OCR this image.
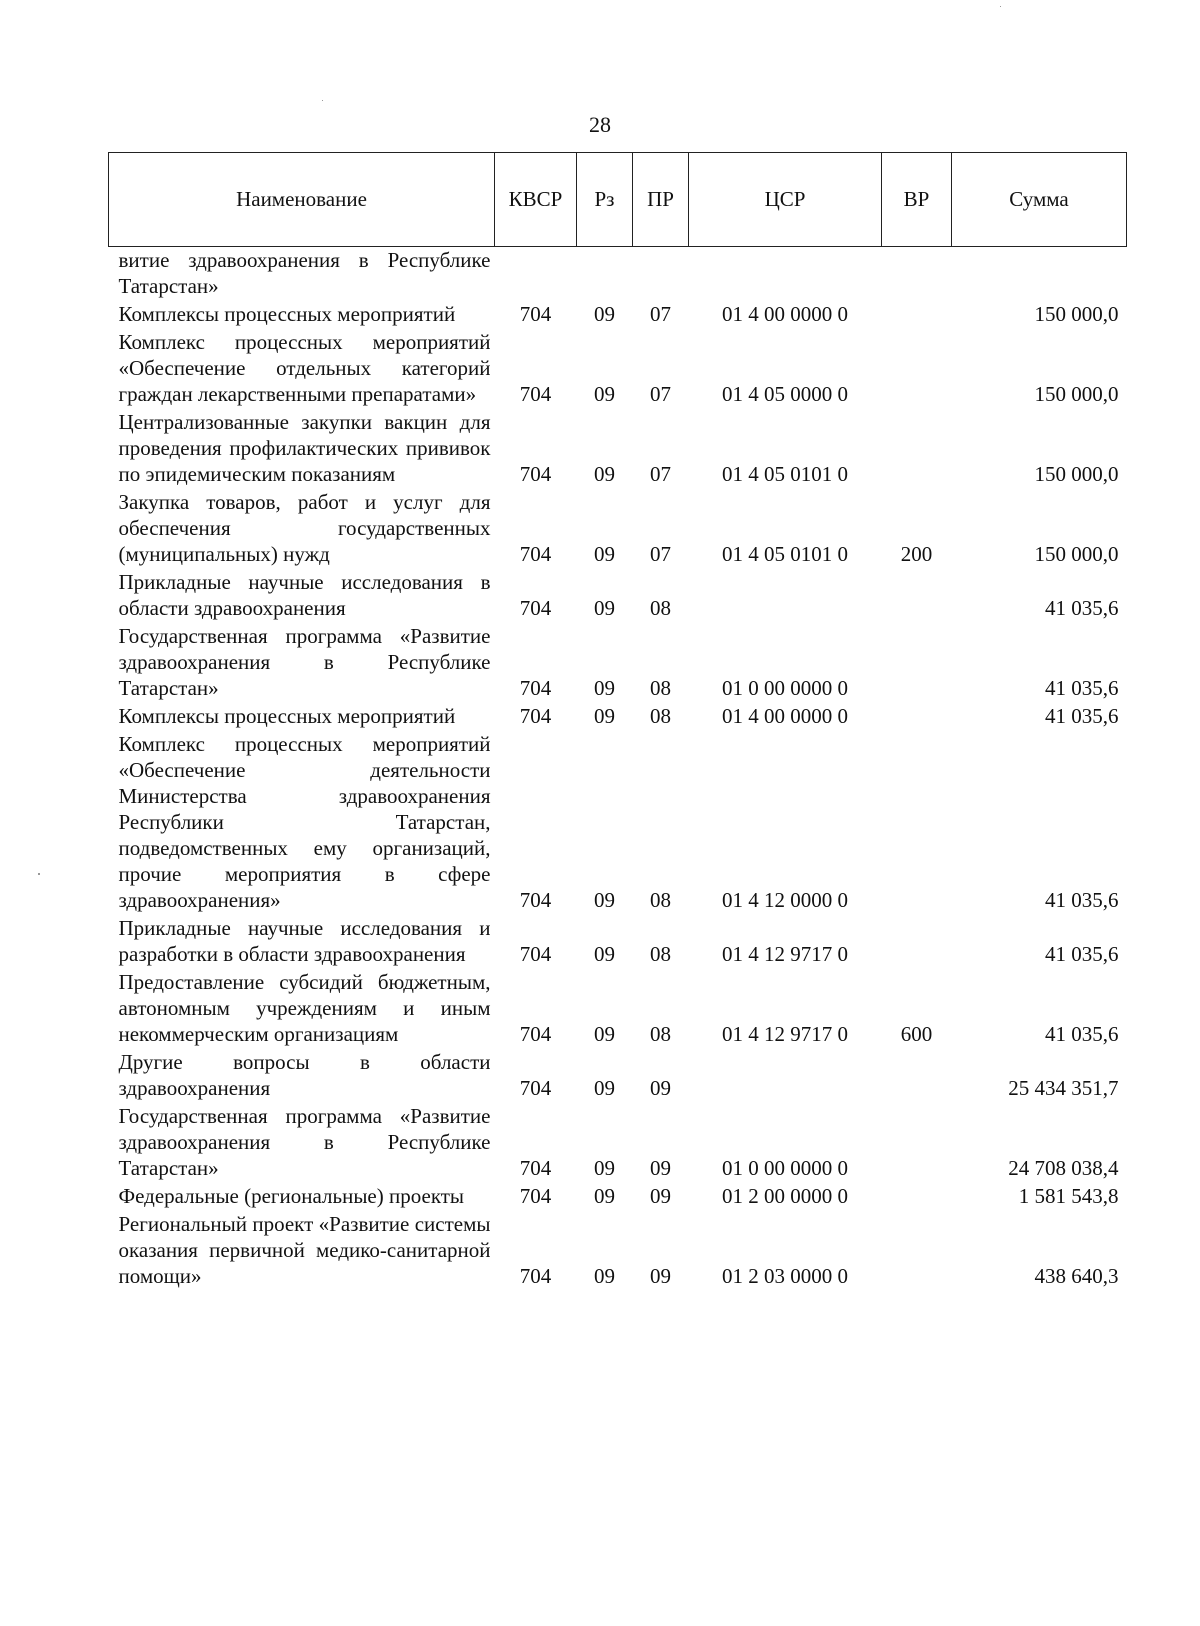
28
Наименование	КВСР	Рз	ПР	ЦСР	ВР	Сумма
витие здравоохранения в Республике Татарстан»						
Комплексы процессных мероприятий	704	09	07	01 4 00 0000 0		150 000,0
Комплекс процессных мероприятий «Обеспечение отдельных категорий граждан лекарственными препаратами»	704	09	07	01 4 05 0000 0		150 000,0
Централизованные закупки вакцин для проведения профилактических прививок по эпидемическим показаниям	704	09	07	01 4 05 0101 0		150 000,0
Закупка товаров, работ и услуг для обеспечения государственных (муниципальных) нужд	704	09	07	01 4 05 0101 0	200	150 000,0
Прикладные научные исследования в области здравоохранения	704	09	08			41 035,6
Государственная программа «Развитие здравоохранения в Республике Татарстан»	704	09	08	01 0 00 0000 0		41 035,6
Комплексы процессных мероприятий	704	09	08	01 4 00 0000 0		41 035,6
Комплекс процессных мероприятий «Обеспечение деятельности Министерства здравоохранения Республики Татарстан, подведомственных ему организаций, прочие мероприятия в сфере здравоохранения»	704	09	08	01 4 12 0000 0		41 035,6
Прикладные научные исследования и разработки в области здравоохранения	704	09	08	01 4 12 9717 0		41 035,6
Предоставление субсидий бюджетным, автономным учреждениям и иным некоммерческим организациям	704	09	08	01 4 12 9717 0	600	41 035,6
Другие вопросы в области здравоохранения	704	09	09			25 434 351,7
Государственная программа «Развитие здравоохранения в Республике Татарстан»	704	09	09	01 0 00 0000 0		24 708 038,4
Федеральные (региональные) проекты	704	09	09	01 2 00 0000 0		1 581 543,8
Региональный проект «Развитие системы оказания первичной медико-санитарной помощи»	704	09	09	01 2 03 0000 0		438 640,3
